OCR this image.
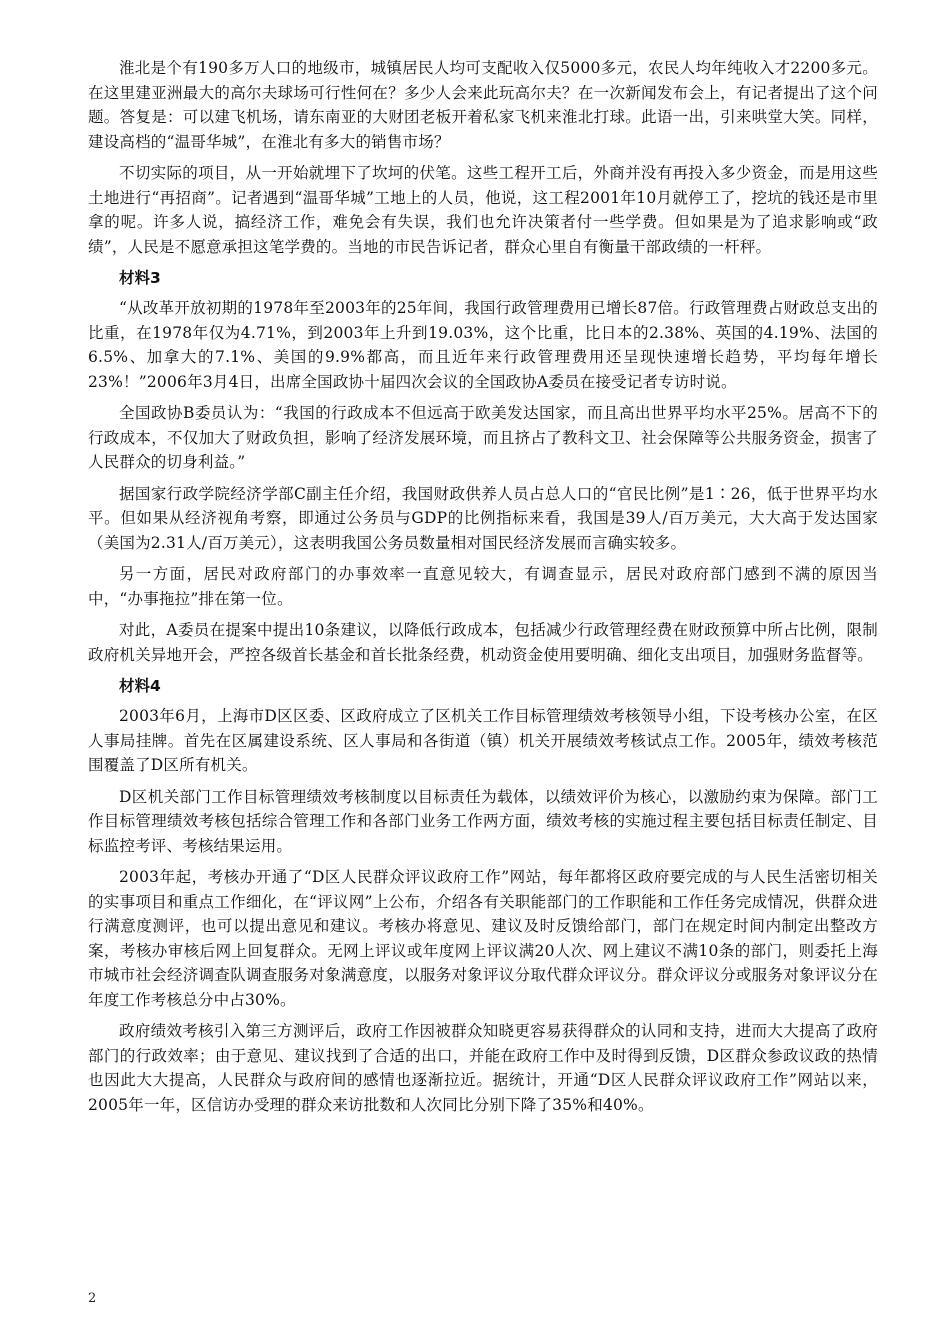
淮北是个有190多万人口的地级市，城镇居民人均可支配收入仅5000多元，农民人均年纯收入才2200多元。在这里建亚洲最大的高尔夫球场可行性何在？多少人会来此玩高尔夫？在一次新闻发布会上，有记者提出了这个问题。答复是：可以建飞机场，请东南亚的大财团老板开着私家飞机来淮北打球。此语一出，引来哄堂大笑。同样，建设高档的“温哥华城”，在淮北有多大的销售市场？

不切实际的项目，从一开始就埋下了坎坷的伏笔。这些工程开工后，外商并没有再投入多少资金，而是用这些土地进行“再招商”。记者遇到“温哥华城”工地上的人员，他说，这工程2001年10月就停工了，挖坑的钱还是市里拿的呢。许多人说，搞经济工作，难免会有失误，我们也允许决策者付一些学费。但如果是为了追求影响或“政绩”，人民是不愿意承担这笔学费的。当地的市民告诉记者，群众心里自有衡量干部政绩的一杆秤。

材料3

“从改革开放初期的1978年至2003年的25年间，我国行政管理费用已增长87倍。行政管理费占财政总支出的比重，在1978年仅为4.71%，到2003年上升到19.03%，这个比重，比日本的2.38%、英国的4.19%、法国的6.5%、加拿大的7.1%、美国的9.9%都高，而且近年来行政管理费用还呈现快速增长趋势，平均每年增长23%！”2006年3月4日，出席全国政协十届四次会议的全国政协A委员在接受记者专访时说。

全国政协B委员认为：“我国的行政成本不但远高于欧美发达国家，而且高出世界平均水平25%。居高不下的行政成本，不仅加大了财政负担，影响了经济发展环境，而且挤占了教科文卫、社会保障等公共服务资金，损害了人民群众的切身利益。”

据国家行政学院经济学部C副主任介绍，我国财政供养人员占总人口的“官民比例”是1∶26，低于世界平均水平。但如果从经济视角考察，即通过公务员与GDP的比例指标来看，我国是39人/百万美元，大大高于发达国家（美国为2.31人/百万美元），这表明我国公务员数量相对国民经济发展而言确实较多。

另一方面，居民对政府部门的办事效率一直意见较大，有调查显示，居民对政府部门感到不满的原因当中，“办事拖拉”排在第一位。

对此，A委员在提案中提出10条建议，以降低行政成本，包括减少行政管理经费在财政预算中所占比例，限制政府机关异地开会，严控各级首长基金和首长批条经费，机动资金使用要明确、细化支出项目，加强财务监督等。

材料4

2003年6月，上海市D区区委、区政府成立了区机关工作目标管理绩效考核领导小组，下设考核办公室，在区人事局挂牌。首先在区属建设系统、区人事局和各街道（镇）机关开展绩效考核试点工作。2005年，绩效考核范围覆盖了D区所有机关。

D区机关部门工作目标管理绩效考核制度以目标责任为载体，以绩效评价为核心，以激励约束为保障。部门工作目标管理绩效考核包括综合管理工作和各部门业务工作两方面，绩效考核的实施过程主要包括目标责任制定、目标监控考评、考核结果运用。

2003年起，考核办开通了“D区人民群众评议政府工作”网站，每年都将区政府要完成的与人民生活密切相关的实事项目和重点工作细化，在“评议网”上公布，介绍各有关职能部门的工作职能和工作任务完成情况，供群众进行满意度测评，也可以提出意见和建议。考核办将意见、建议及时反馈给部门，部门在规定时间内制定出整改方案，考核办审核后网上回复群众。无网上评议或年度网上评议满20人次、网上建议不满10条的部门，则委托上海市城市社会经济调查队调查服务对象满意度，以服务对象评议分取代群众评议分。群众评议分或服务对象评议分在年度工作考核总分中占30%。

政府绩效考核引入第三方测评后，政府工作因被群众知晓更容易获得群众的认同和支持，进而大大提高了政府部门的行政效率；由于意见、建议找到了合适的出口，并能在政府工作中及时得到反馈，D区群众参政议政的热情也因此大大提高，人民群众与政府间的感情也逐渐拉近。据统计，开通“D区人民群众评议政府工作”网站以来，2005年一年，区信访办受理的群众来访批数和人次同比分别下降了35%和40%。

2
